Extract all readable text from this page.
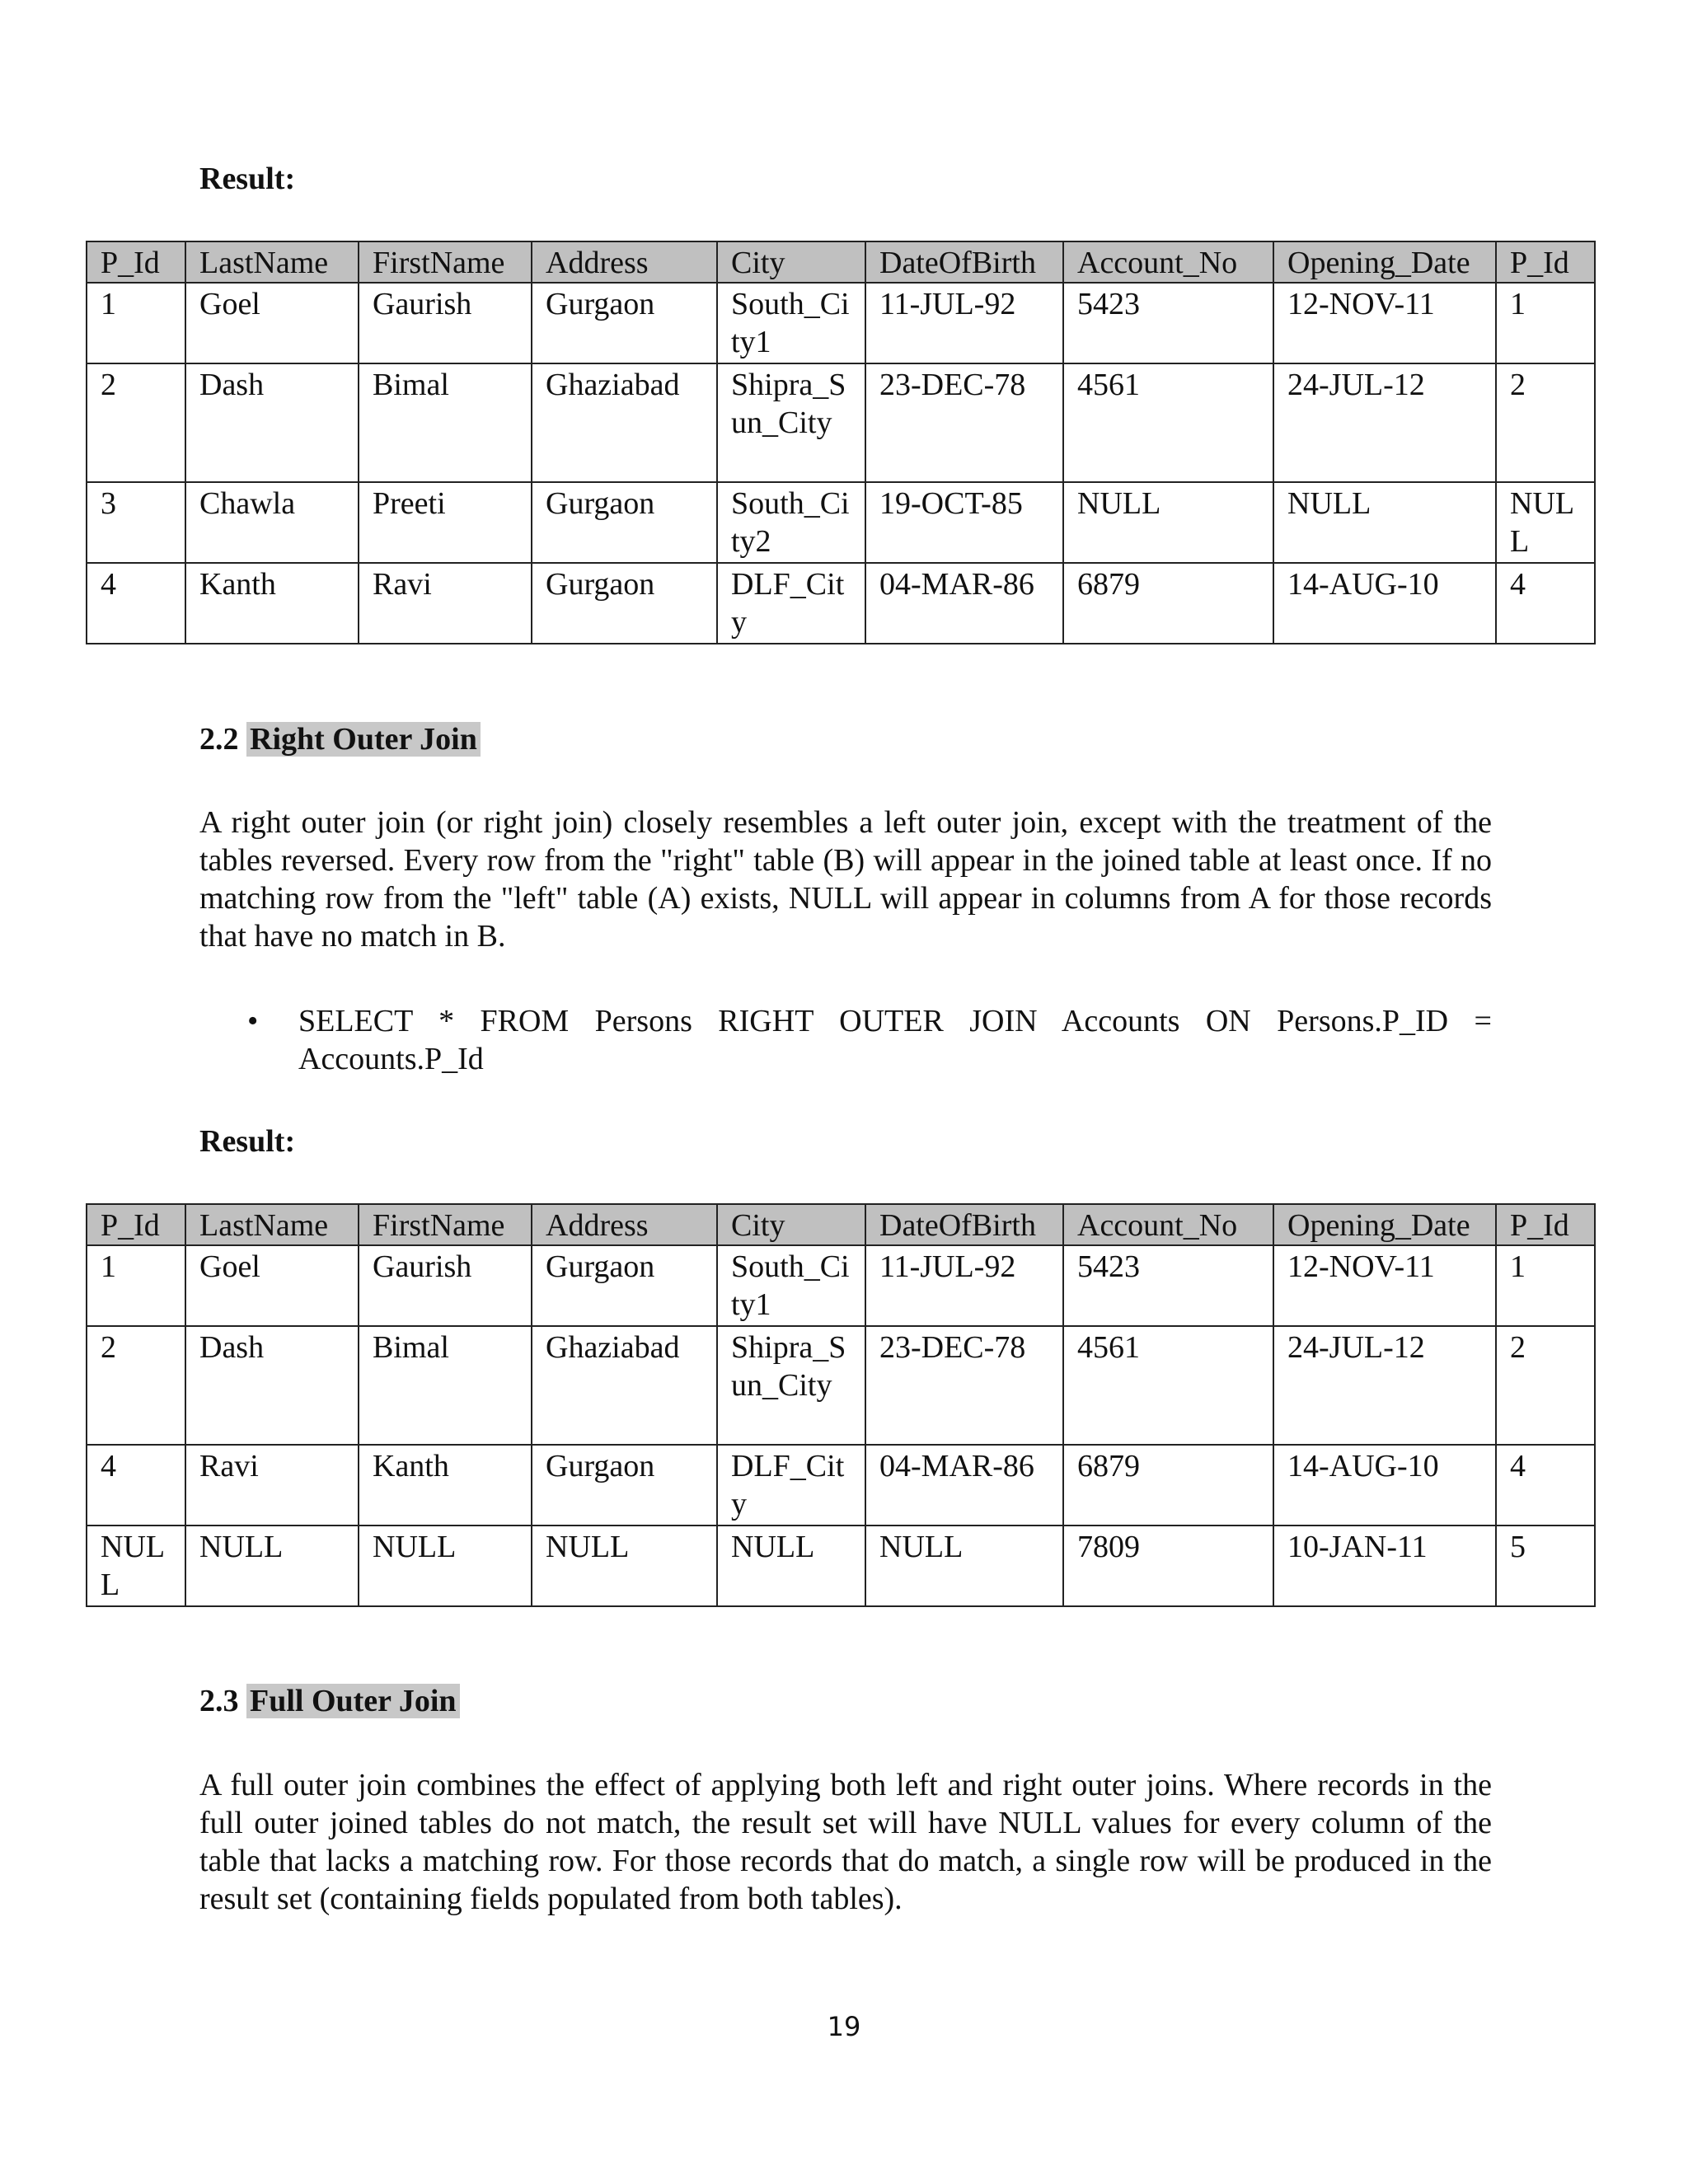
Result:
P_Id	LastName	FirstName	Address	City	DateOfBirth	Account_No	Opening_Date	P_Id
1	Goel	Gaurish	Gurgaon	South_City1	11-JUL-92	5423	12-NOV-11	1
2	Dash	Bimal	Ghaziabad	Shipra_Sun_City	23-DEC-78	4561	24-JUL-12	2
3	Chawla	Preeti	Gurgaon	South_City2	19-OCT-85	NULL	NULL	NULL
4	Kanth	Ravi	Gurgaon	DLF_City	04-MAR-86	6879	14-AUG-10	4
2.2 Right Outer Join
A right outer join (or right join) closely resembles a left outer join, except with the treatment of the tables reversed. Every row from the "right" table (B) will appear in the joined table at least once. If no matching row from the "left" table (A) exists, NULL will appear in columns from A for those records that have no match in B.
• SELECT * FROM Persons RIGHT OUTER JOIN Accounts ON Persons.P_ID = Accounts.P_Id
Result:
P_Id	LastName	FirstName	Address	City	DateOfBirth	Account_No	Opening_Date	P_Id
1	Goel	Gaurish	Gurgaon	South_City1	11-JUL-92	5423	12-NOV-11	1
2	Dash	Bimal	Ghaziabad	Shipra_Sun_City	23-DEC-78	4561	24-JUL-12	2
4	Ravi	Kanth	Gurgaon	DLF_City	04-MAR-86	6879	14-AUG-10	4
NULL	NULL	NULL	NULL	NULL	NULL	7809	10-JAN-11	5
2.3 Full Outer Join
A full outer join combines the effect of applying both left and right outer joins. Where records in the full outer joined tables do not match, the result set will have NULL values for every column of the table that lacks a matching row. For those records that do match, a single row will be produced in the result set (containing fields populated from both tables).
19
